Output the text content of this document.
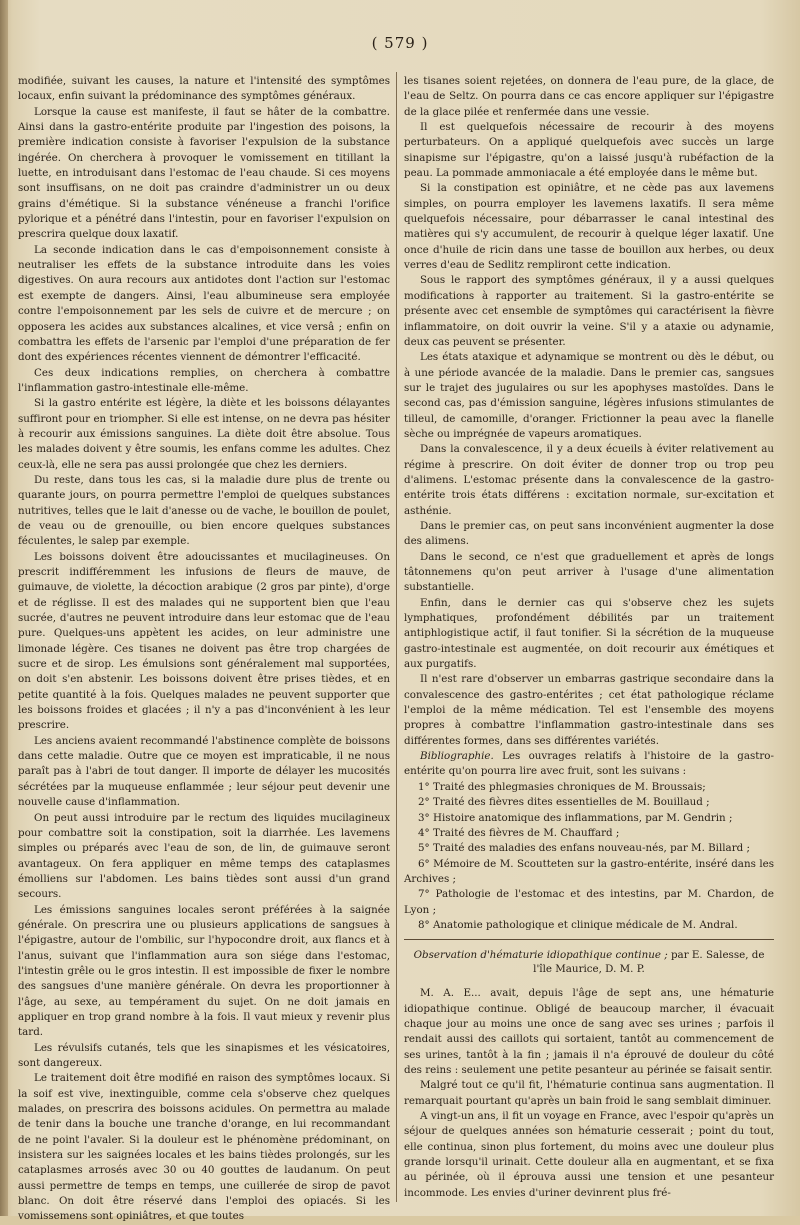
( 579 )

modifiée, suivant les causes, la nature et l'intensité des symptômes locaux, enfin suivant la prédominance des symptômes généraux.

Lorsque la cause est manifeste, il faut se hâter de la combattre. Ainsi dans la gastro-entérite produite par l'ingestion des poisons, la première indication consiste à favoriser l'expulsion de la substance ingérée. On cherchera à provoquer le vomissement en titillant la luette, en introduisant dans l'estomac de l'eau chaude. Si ces moyens sont insuffisans, on ne doit pas craindre d'administrer un ou deux grains d'émétique. Si la substance vénéneuse a franchi l'orifice pylorique et a pénétré dans l'intestin, pour en favoriser l'expulsion on prescrira quelque doux laxatif.

La seconde indication dans le cas d'empoisonnement consiste à neutraliser les effets de la substance introduite dans les voies digestives. On aura recours aux antidotes dont l'action sur l'estomac est exempte de dangers. Ainsi, l'eau albumineuse sera employée contre l'empoisonnement par les sels de cuivre et de mercure ; on opposera les acides aux substances alcalines, et vice versâ ; enfin on combattra les effets de l'arsenic par l'emploi d'une préparation de fer dont des expériences récentes viennent de démontrer l'efficacité.

Ces deux indications remplies, on cherchera à combattre l'inflammation gastro-intestinale elle-même.

Si la gastro entérite est légère, la diète et les boissons délayantes suffiront pour en triompher. Si elle est intense, on ne devra pas hésiter à recourir aux émissions sanguines. La diète doit être absolue. Tous les malades doivent y être soumis, les enfans comme les adultes. Chez ceux-là, elle ne sera pas aussi prolongée que chez les derniers.

Du reste, dans tous les cas, si la maladie dure plus de trente ou quarante jours, on pourra permettre l'emploi de quelques substances nutritives, telles que le lait d'anesse ou de vache, le bouillon de poulet, de veau ou de grenouille, ou bien encore quelques substances féculentes, le salep par exemple.

Les boissons doivent être adoucissantes et mucilagineuses. On prescrit indifféremment les infusions de fleurs de mauve, de guimauve, de violette, la décoction arabique (2 gros par pinte), d'orge et de réglisse. Il est des malades qui ne supportent bien que l'eau sucrée, d'autres ne peuvent introduire dans leur estomac que de l'eau pure. Quelques-uns appètent les acides, on leur administre une limonade légère. Ces tisanes ne doivent pas être trop chargées de sucre et de sirop. Les émulsions sont généralement mal supportées, on doit s'en abstenir. Les boissons doivent être prises tièdes, et en petite quantité à la fois. Quelques malades ne peuvent supporter que les boissons froides et glacées ; il n'y a pas d'inconvénient à les leur prescrire.

Les anciens avaient recommandé l'abstinence complète de boissons dans cette maladie. Outre que ce moyen est impraticable, il ne nous paraît pas à l'abri de tout danger. Il importe de délayer les mucosités sécrétées par la muqueuse enflammée ; leur séjour peut devenir une nouvelle cause d'inflammation.

On peut aussi introduire par le rectum des liquides mucilagineux pour combattre soit la constipation, soit la diarrhée. Les lavemens simples ou préparés avec l'eau de son, de lin, de guimauve seront avantageux. On fera appliquer en même temps des cataplasmes émolliens sur l'abdomen. Les bains tièdes sont aussi d'un grand secours.

Les émissions sanguines locales seront préférées à la saignée générale. On prescrira une ou plusieurs applications de sangsues à l'épigastre, autour de l'ombilic, sur l'hypocondre droit, aux flancs et à l'anus, suivant que l'inflammation aura son siége dans l'estomac, l'intestin grêle ou le gros intestin. Il est impossible de fixer le nombre des sangsues d'une manière générale. On devra les proportionner à l'âge, au sexe, au tempérament du sujet. On ne doit jamais en appliquer en trop grand nombre à la fois. Il vaut mieux y revenir plus tard.

Les révulsifs cutanés, tels que les sinapismes et les vésicatoires, sont dangereux.

Le traitement doit être modifié en raison des symptômes locaux. Si la soif est vive, inextinguible, comme cela s'observe chez quelques malades, on prescrira des boissons acidules. On permettra au malade de tenir dans la bouche une tranche d'orange, en lui recommandant de ne point l'avaler. Si la douleur est le phénomène prédominant, on insistera sur les saignées locales et les bains tièdes prolongés, sur les cataplasmes arrosés avec 30 ou 40 gouttes de laudanum. On peut aussi permettre de temps en temps, une cuillerée de sirop de pavot blanc. On doit être réservé dans l'emploi des opiacés. Si les vomissemens sont opiniâtres, et que toutes

les tisanes soient rejetées, on donnera de l'eau pure, de la glace, de l'eau de Seltz. On pourra dans ce cas encore appliquer sur l'épigastre de la glace pilée et renfermée dans une vessie.

Il est quelquefois nécessaire de recourir à des moyens perturbateurs. On a appliqué quelquefois avec succès un large sinapisme sur l'épigastre, qu'on a laissé jusqu'à rubéfaction de la peau. La pommade ammoniacale a été employée dans le même but.

Si la constipation est opiniâtre, et ne cède pas aux lavemens simples, on pourra employer les lavemens laxatifs. Il sera même quelquefois nécessaire, pour débarrasser le canal intestinal des matières qui s'y accumulent, de recourir à quelque léger laxatif. Une once d'huile de ricin dans une tasse de bouillon aux herbes, ou deux verres d'eau de Sedlitz rempliront cette indication.

Sous le rapport des symptômes généraux, il y a aussi quelques modifications à rapporter au traitement. Si la gastro-entérite se présente avec cet ensemble de symptômes qui caractérisent la fièvre inflammatoire, on doit ouvrir la veine. S'il y a ataxie ou adynamie, deux cas peuvent se présenter.

Les états ataxique et adynamique se montrent ou dès le début, ou à une période avancée de la maladie. Dans le premier cas, sangsues sur le trajet des jugulaires ou sur les apophyses mastoïdes. Dans le second cas, pas d'émission sanguine, légères infusions stimulantes de tilleul, de camomille, d'oranger. Frictionner la peau avec la flanelle sèche ou imprégnée de vapeurs aromatiques.

Dans la convalescence, il y a deux écueils à éviter relativement au régime à prescrire. On doit éviter de donner trop ou trop peu d'alimens. L'estomac présente dans la convalescence de la gastro-entérite trois états différens : excitation normale, sur-excitation et asthénie.

Dans le premier cas, on peut sans inconvénient augmenter la dose des alimens.

Dans le second, ce n'est que graduellement et après de longs tâtonnemens qu'on peut arriver à l'usage d'une alimentation substantielle.

Enfin, dans le dernier cas qui s'observe chez les sujets lymphatiques, profondément débilités par un traitement antiphlogistique actif, il faut tonifier. Si la sécrétion de la muqueuse gastro-intestinale est augmentée, on doit recourir aux émétiques et aux purgatifs.

Il n'est rare d'observer un embarras gastrique secondaire dans la convalescence des gastro-entérites ; cet état pathologique réclame l'emploi de la même médication. Tel est l'ensemble des moyens propres à combattre l'inflammation gastro-intestinale dans ses différentes formes, dans ses différentes variétés.

Bibliographie. Les ouvrages relatifs à l'histoire de la gastro-entérite qu'on pourra lire avec fruit, sont les suivans :

1° Traité des phlegmasies chroniques de M. Broussais;
2° Traité des fièvres dites essentielles de M. Bouillaud ;
3° Histoire anatomique des inflammations, par M. Gendrin ;
4° Traité des fièvres de M. Chauffard ;
5° Traité des maladies des enfans nouveau-nés, par M. Billard ;
6° Mémoire de M. Scoutteten sur la gastro-entérite, inséré dans les Archives ;
7° Pathologie de l'estomac et des intestins, par M. Chardon, de Lyon ;
8° Anatomie pathologique et clinique médicale de M. Andral.
Observation d'hématurie idiopathique continue ; par E. Salesse, de l'île Maurice, D. M. P.

M. A. E... avait, depuis l'âge de sept ans, une hématurie idiopathique continue. Obligé de beaucoup marcher, il évacuait chaque jour au moins une once de sang avec ses urines ; parfois il rendait aussi des caillots qui sortaient, tantôt au commencement de ses urines, tantôt à la fin ; jamais il n'a éprouvé de douleur du côté des reins : seulement une petite pesanteur au périnée se faisait sentir.

Malgré tout ce qu'il fit, l'hématurie continua sans augmentation. Il remarquait pourtant qu'après un bain froid le sang semblait diminuer.

A vingt-un ans, il fit un voyage en France, avec l'espoir qu'après un séjour de quelques années son hématurie cesserait ; point du tout, elle continua, sinon plus fortement, du moins avec une douleur plus grande lorsqu'il urinait. Cette douleur alla en augmentant, et se fixa au périnée, où il éprouva aussi une tension et une pesanteur incommode. Les envies d'uriner devinrent plus fré-
